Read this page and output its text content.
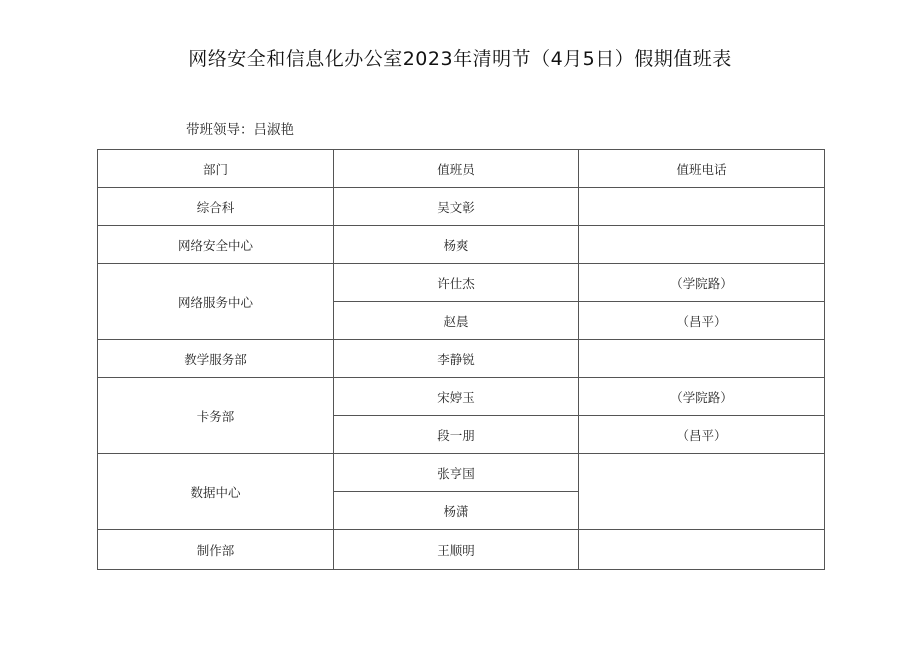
网络安全和信息化办公室2023年清明节（4月5日）假期值班表
带班领导：吕淑艳
部门	值班员	值班电话
综合科	吴文彰	
网络安全中心	杨爽	
网络服务中心	许仕杰	（学院路）
	赵晨	（昌平）
教学服务部	李静锐	
卡务部	宋婷玉	（学院路）
	段一朋	（昌平）
数据中心	张亨国	
	杨潇	
制作部	王顺明	
